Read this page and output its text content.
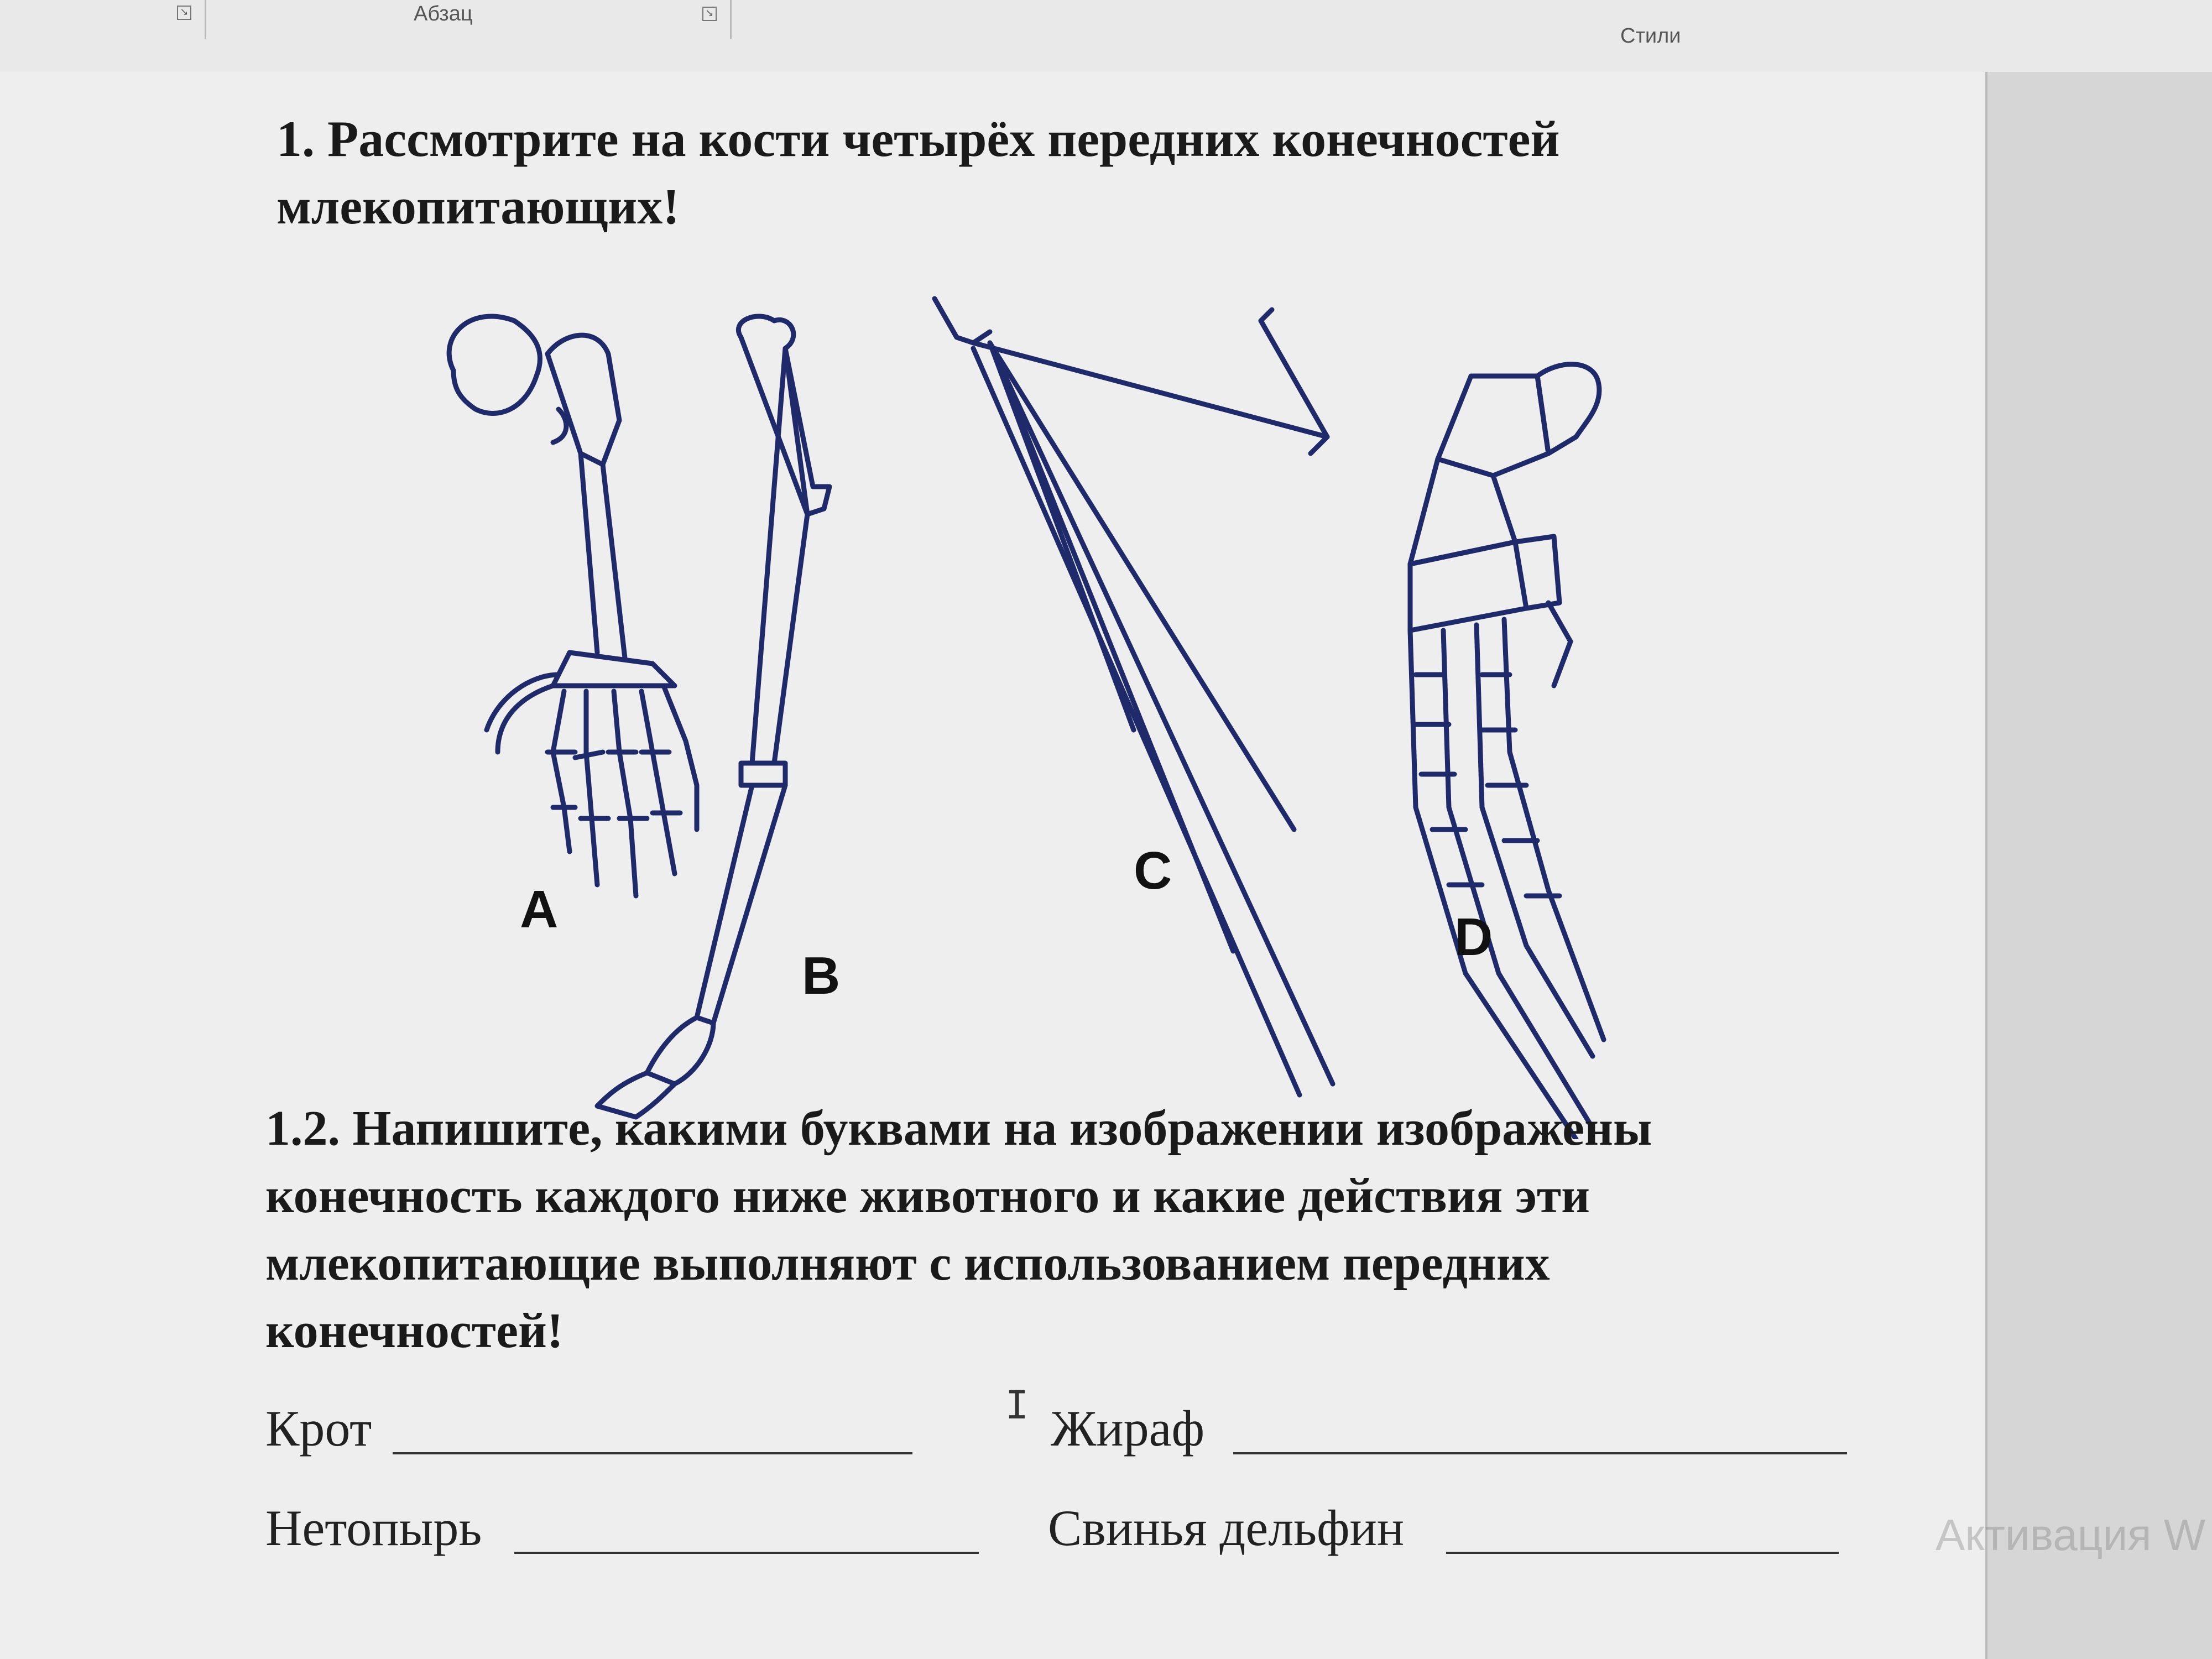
↘	Абзац	↘
Стили

1. Рассмотрите на кости четырёх передних конечностей млекопитающих!

A
B
C
D

1.2. Напишите, какими буквами на изображении изображены конечность каждого ниже животного и какие действия эти млекопитающие выполняют с использованием передних конечностей!

Крот	Жираф
Нетопырь	Свинья дельфин
I
Активация W
